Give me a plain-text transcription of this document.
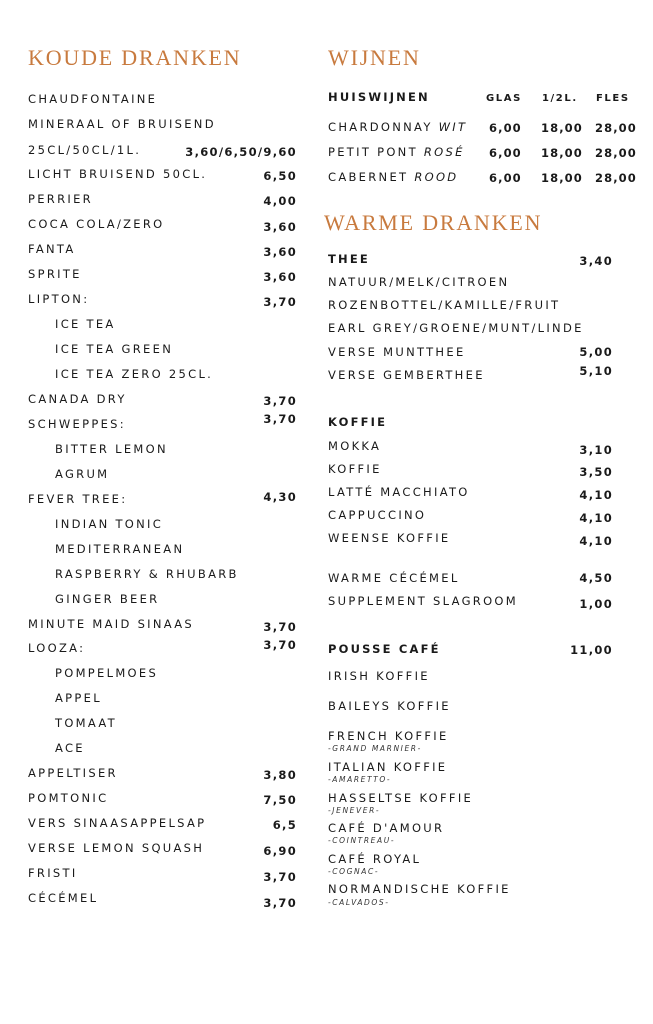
KOUDE DRANKEN	WIJNEN
WARME DRANKEN
CHAUDFONTAINE
MINERAAL OF BRUISEND
25CL/50CL/1L.	3,60/6,50/9,60
LICHT BRUISEND 50CL.	6,50
PERRIER	4,00
COCA COLA/ZERO	3,60
FANTA	3,60
SPRITE	3,60
LIPTON:	3,70
ICE TEA
ICE TEA GREEN
ICE TEA ZERO 25CL.
CANADA DRY	3,70
SCHWEPPES:	3,70
BITTER LEMON
AGRUM
FEVER TREE:	4,30
INDIAN TONIC
MEDITERRANEAN
RASPBERRY & RHUBARB
GINGER BEER
MINUTE MAID SINAAS	3,70
LOOZA:	3,70
POMPELMOES
APPEL
TOMAAT
ACE
APPELTISER	3,80
POMTONIC	7,50
VERS SINAASAPPELSAP	6,5
VERSE LEMON SQUASH	6,90
FRISTI	3,70
CÉCÉMEL	3,70
HUISWIJNEN	GLAS 1/2L. FLES
CHARDONNAY WIT 6,00 18,00 28,00
PETIT PONT ROSÉ 6,00 18,00 28,00
CABERNET ROOD	6,00 18,00 28,00
THEE	3,40
NATUUR/MELK/CITROEN
ROZENBOTTEL/KAMILLE/FRUIT
EARL GREY/GROENE/MUNT/LINDE
VERSE MUNTTHEE	5,00
VERSE GEMBERTHEE	5,10
KOFFIE
MOKKA	3,10
KOFFIE	3,50
LATTÉ MACCHIATO	4,10
CAPPUCCINO	4,10
WEENSE KOFFIE	4,10
WARME CÉCÉMEL	4,50
SUPPLEMENT SLAGROOM	1,00
POUSSE CAFÉ	11,00
IRISH KOFFIE
BAILEYS KOFFIE
FRENCH KOFFIE
-GRAND MARNIER-
ITALIAN KOFFIE
-AMARETTO-
HASSELTSE KOFFIE
-JENEVER-
CAFÉ D'AMOUR
-COINTREAU-
CAFÉ ROYAL
-COGNAC-
NORMANDISCHE KOFFIE
-CALVADOS-
